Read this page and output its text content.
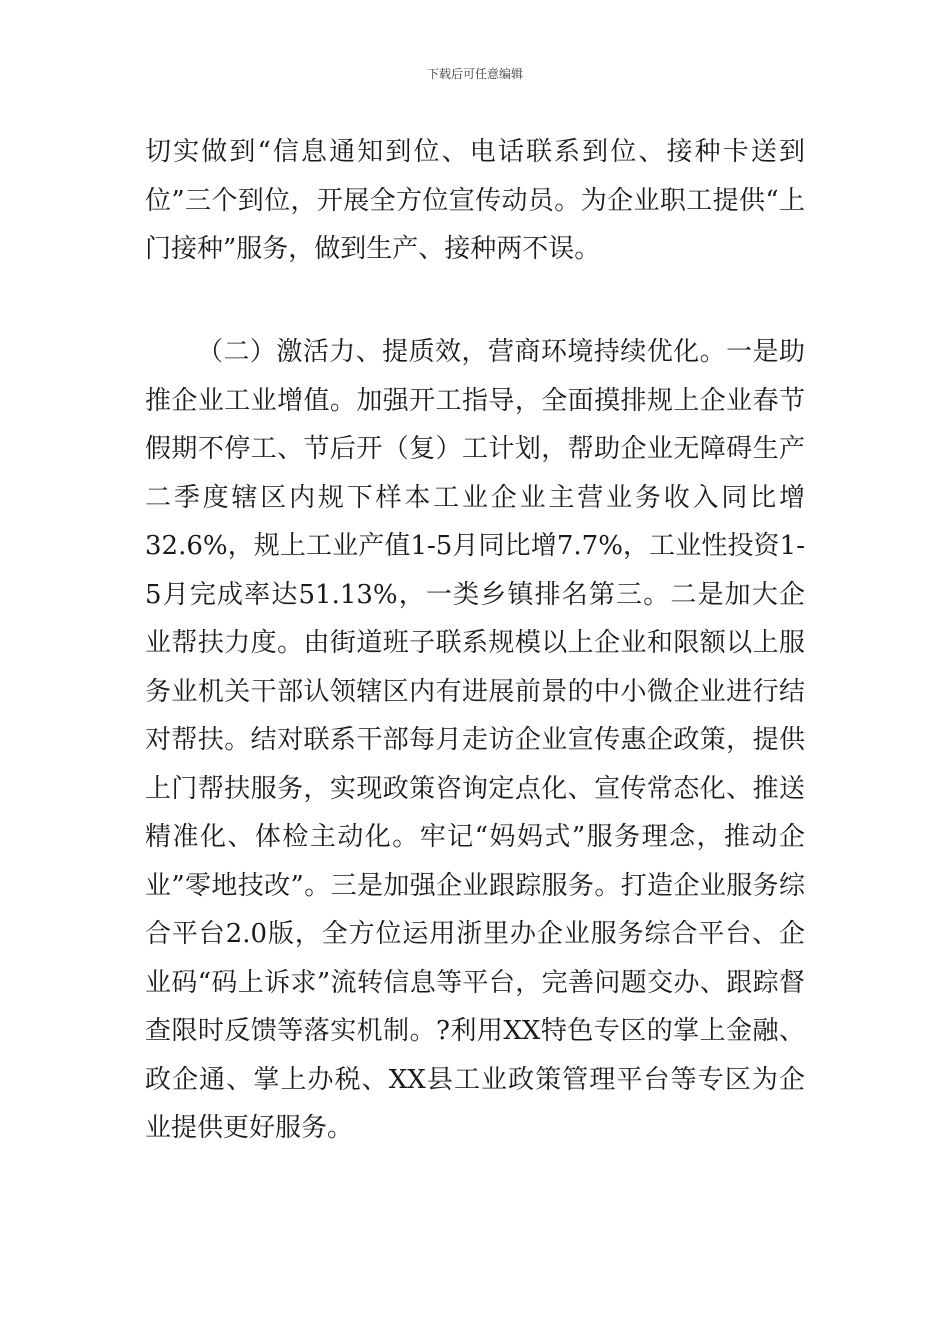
下载后可任意编辑

切实做到“信息通知到位、电话联系到位、接种卡送到位”三个到位，开展全方位宣传动员。为企业职工提供“上门接种”服务，做到生产、接种两不误。

（二）激活力、提质效，营商环境持续优化。一是助推企业工业增值。加强开工指导，全面摸排规上企业春节假期不停工、节后开（复）工计划，帮助企业无障碍生产二季度辖区内规下样本工业企业主营业务收入同比增32.6%，规上工业产值1-5月同比增7.7%，工业性投资1-5月完成率达51.13%，一类乡镇排名第三。二是加大企业帮扶力度。由街道班子联系规模以上企业和限额以上服务业机关干部认领辖区内有进展前景的中小微企业进行结对帮扶。结对联系干部每月走访企业宣传惠企政策，提供上门帮扶服务，实现政策咨询定点化、宣传常态化、推送精准化、体检主动化。牢记“妈妈式”服务理念，推动企业”零地技改”。三是加强企业跟踪服务。打造企业服务综合平台2.0版，全方位运用浙里办企业服务综合平台、企业码“码上诉求”流转信息等平台，完善问题交办、跟踪督查限时反馈等落实机制。?利用XX特色专区的掌上金融、政企通、掌上办税、XX县工业政策管理平台等专区为企业提供更好服务。
